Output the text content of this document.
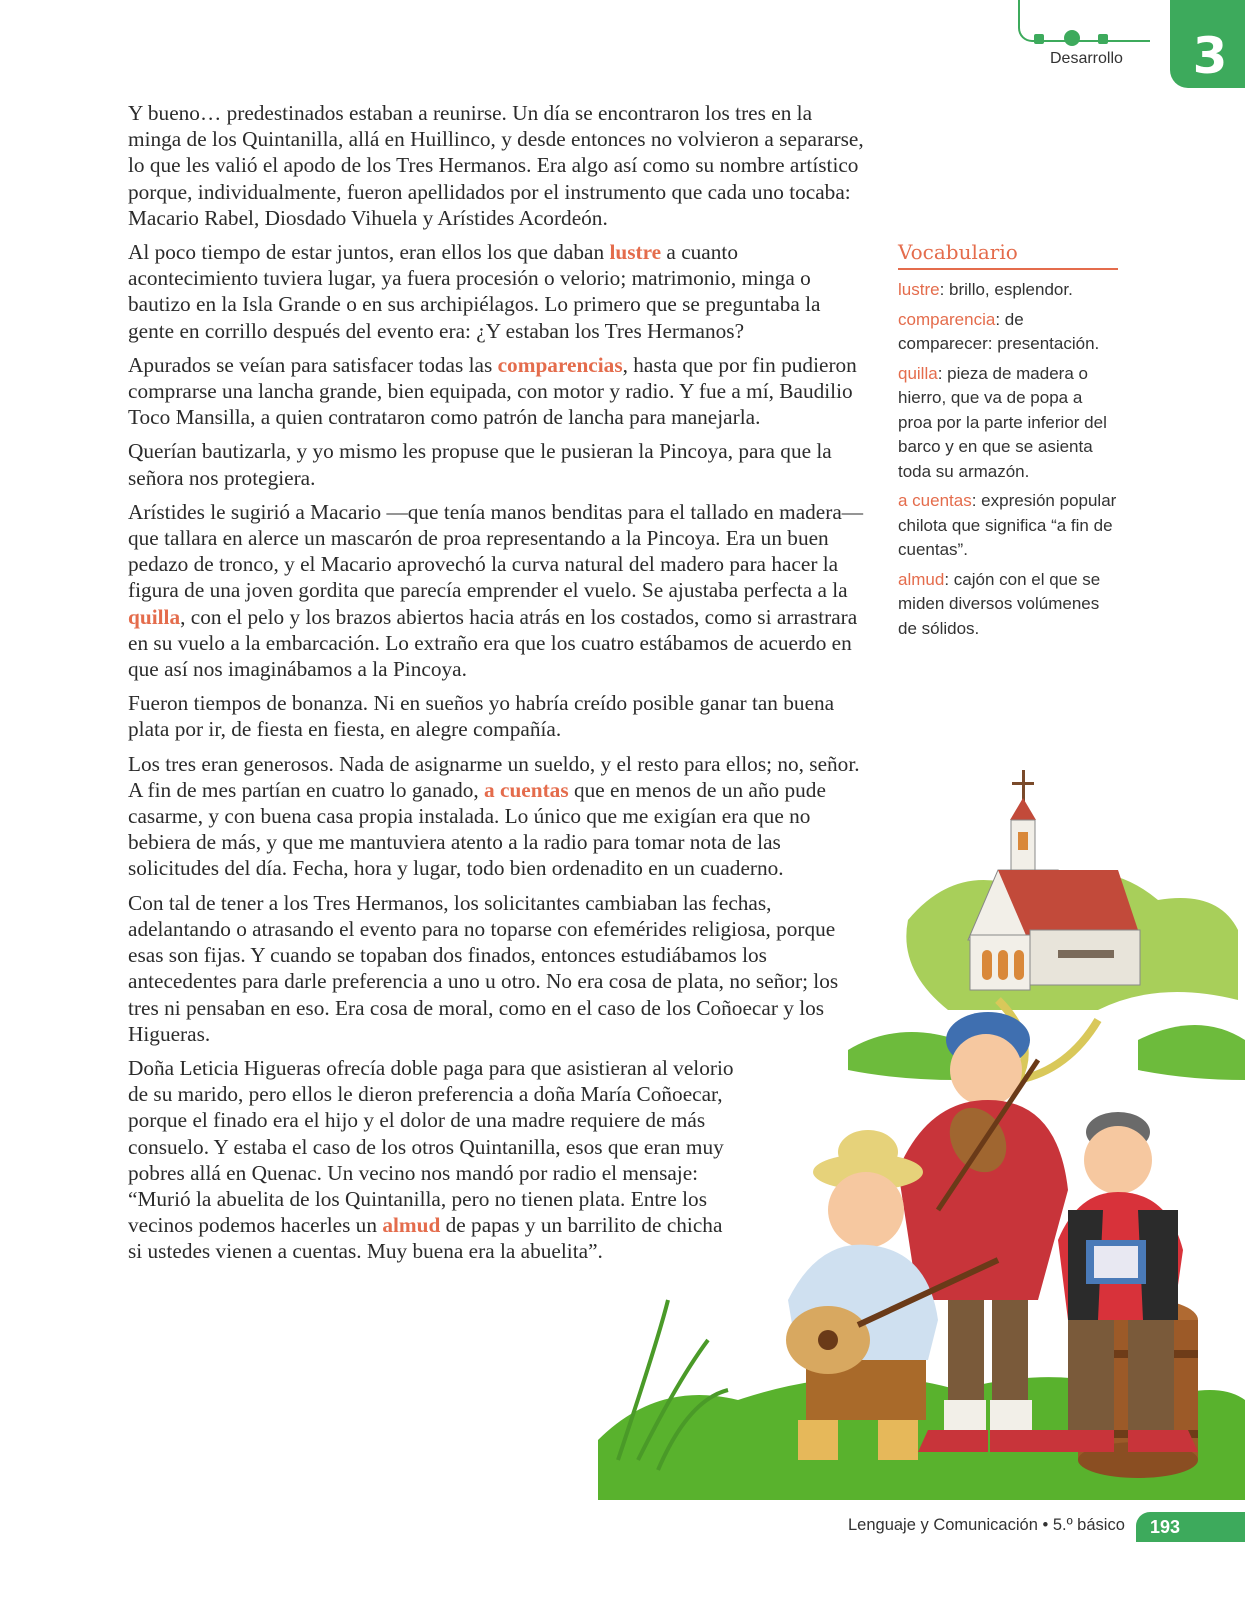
Desarrollo	3

Y bueno… predestinados estaban a reunirse. Un día se encontraron los tres en la minga de los Quintanilla, allá en Huillinco, y desde entonces no volvieron a separarse, lo que les valió el apodo de los Tres Hermanos. Era algo así como su nombre artístico porque, individualmente, fueron apellidados por el instrumento que cada uno tocaba: Macario Rabel, Diosdado Vihuela y Arístides Acordeón.

Al poco tiempo de estar juntos, eran ellos los que daban lustre a cuanto acontecimiento tuviera lugar, ya fuera procesión o velorio; matrimonio, minga o bautizo en la Isla Grande o en sus archipiélagos. Lo primero que se preguntaba la gente en corrillo después del evento era: ¿Y estaban los Tres Hermanos?

Apurados se veían para satisfacer todas las comparencias, hasta que por fin pudieron comprarse una lancha grande, bien equipada, con motor y radio. Y fue a mí, Baudilio Toco Mansilla, a quien contrataron como patrón de lancha para manejarla.

Querían bautizarla, y yo mismo les propuse que le pusieran la Pincoya, para que la señora nos protegiera.

Arístides le sugirió a Macario —que tenía manos benditas para el tallado en madera— que tallara en alerce un mascarón de proa representando a la Pincoya. Era un buen pedazo de tronco, y el Macario aprovechó la curva natural del madero para hacer la figura de una joven gordita que parecía emprender el vuelo. Se ajustaba perfecta a la quilla, con el pelo y los brazos abiertos hacia atrás en los costados, como si arrastrara en su vuelo a la embarcación. Lo extraño era que los cuatro estábamos de acuerdo en que así nos imaginábamos a la Pincoya.

Fueron tiempos de bonanza. Ni en sueños yo habría creído posible ganar tan buena plata por ir, de fiesta en fiesta, en alegre compañía.

Los tres eran generosos. Nada de asignarme un sueldo, y el resto para ellos; no, señor. A fin de mes partían en cuatro lo ganado, a cuentas que en menos de un año pude casarme, y con buena casa propia instalada. Lo único que me exigían era que no bebiera de más, y que me mantuviera atento a la radio para tomar nota de las solicitudes del día. Fecha, hora y lugar, todo bien ordenadito en un cuaderno.

Con tal de tener a los Tres Hermanos, los solicitantes cambiaban las fechas, adelantando o atrasando el evento para no toparse con efemérides religiosa, porque esas son fijas. Y cuando se topaban dos finados, entonces estudiábamos los antecedentes para darle preferencia a uno u otro. No era cosa de plata, no señor; los tres ni pensaban en eso. Era cosa de moral, como en el caso de los Coñoecar y los Higueras.

Doña Leticia Higueras ofrecía doble paga para que asistieran al velorio de su marido, pero ellos le dieron preferencia a doña María Coñoecar, porque el finado era el hijo y el dolor de una madre requiere de más consuelo. Y estaba el caso de los otros Quintanilla, esos que eran muy pobres allá en Quenac. Un vecino nos mandó por radio el mensaje: “Murió la abuelita de los Quintanilla, pero no tienen plata. Entre los vecinos podemos hacerles un almud de papas y un barrilito de chicha si ustedes vienen a cuentas. Muy buena era la abuelita”.

Vocabulario
lustre: brillo, esplendor.
comparencia: de comparecer: presentación.
quilla: pieza de madera o hierro, que va de popa a proa por la parte inferior del barco y en que se asienta toda su armazón.
a cuentas: expresión popular chilota que significa “a fin de cuentas”.
almud: cajón con el que se miden diversos volúmenes de sólidos.
Lenguaje y Comunicación • 5.º básico	193
